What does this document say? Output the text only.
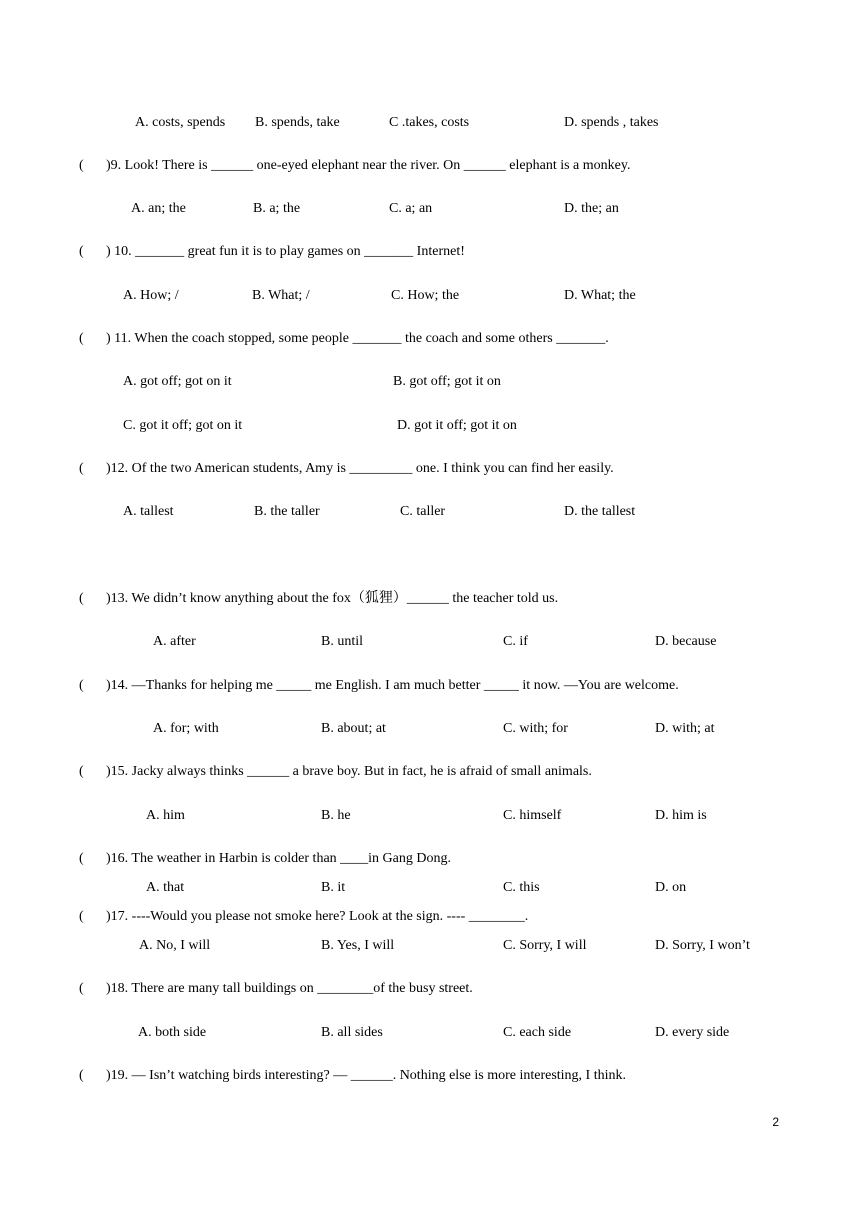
A. costs, spends B. spends, take	C .takes, costs	D. spends , takes
(	)9. Look! There is ______ one-eyed elephant near the river. On ______ elephant is a monkey.
A. an; the	B. a; the	C. a; an	D. the; an
(	) 10. _______ great fun it is to play games on _______ Internet!
A. How; /	B. What; /	C. How; the	D. What; the
(	) 11. When the coach stopped, some people _______ the coach and some others _______.
A. got off; got on it	B. got off; got it on
C. got it off; got on it	D. got it off; got it on
(	)12. Of the two American students, Amy is _________ one. I think you can find her easily.
A. tallest	B. the taller	C. taller	D. the tallest
(	)13. We didn’t know anything about the fox（狐狸）______ the teacher told us.
A. after	B. until	C. if	D. because
(	)14. —Thanks for helping me _____ me English. I am much better _____ it now. —You are welcome.
A. for; with	B. about; at	C. with; for	D. with; at
(	)15. Jacky always thinks ______ a brave boy. But in fact, he is afraid of small animals.
A. him	B. he	C. himself	D. him is
(	)16. The weather in Harbin is colder than ____in Gang Dong.
A. that	B. it	C. this	D. on
(	)17. ----Would you please not smoke here? Look at the sign. ---- ________.
A. No, I will	B. Yes, I will	C. Sorry, I will	D. Sorry, I won’t
(	)18. There are many tall buildings on ________of the busy street.
A. both side	B. all sides	C. each side	D. every side
(	)19. — Isn’t watching birds interesting? — ______. Nothing else is more interesting, I think.
2
